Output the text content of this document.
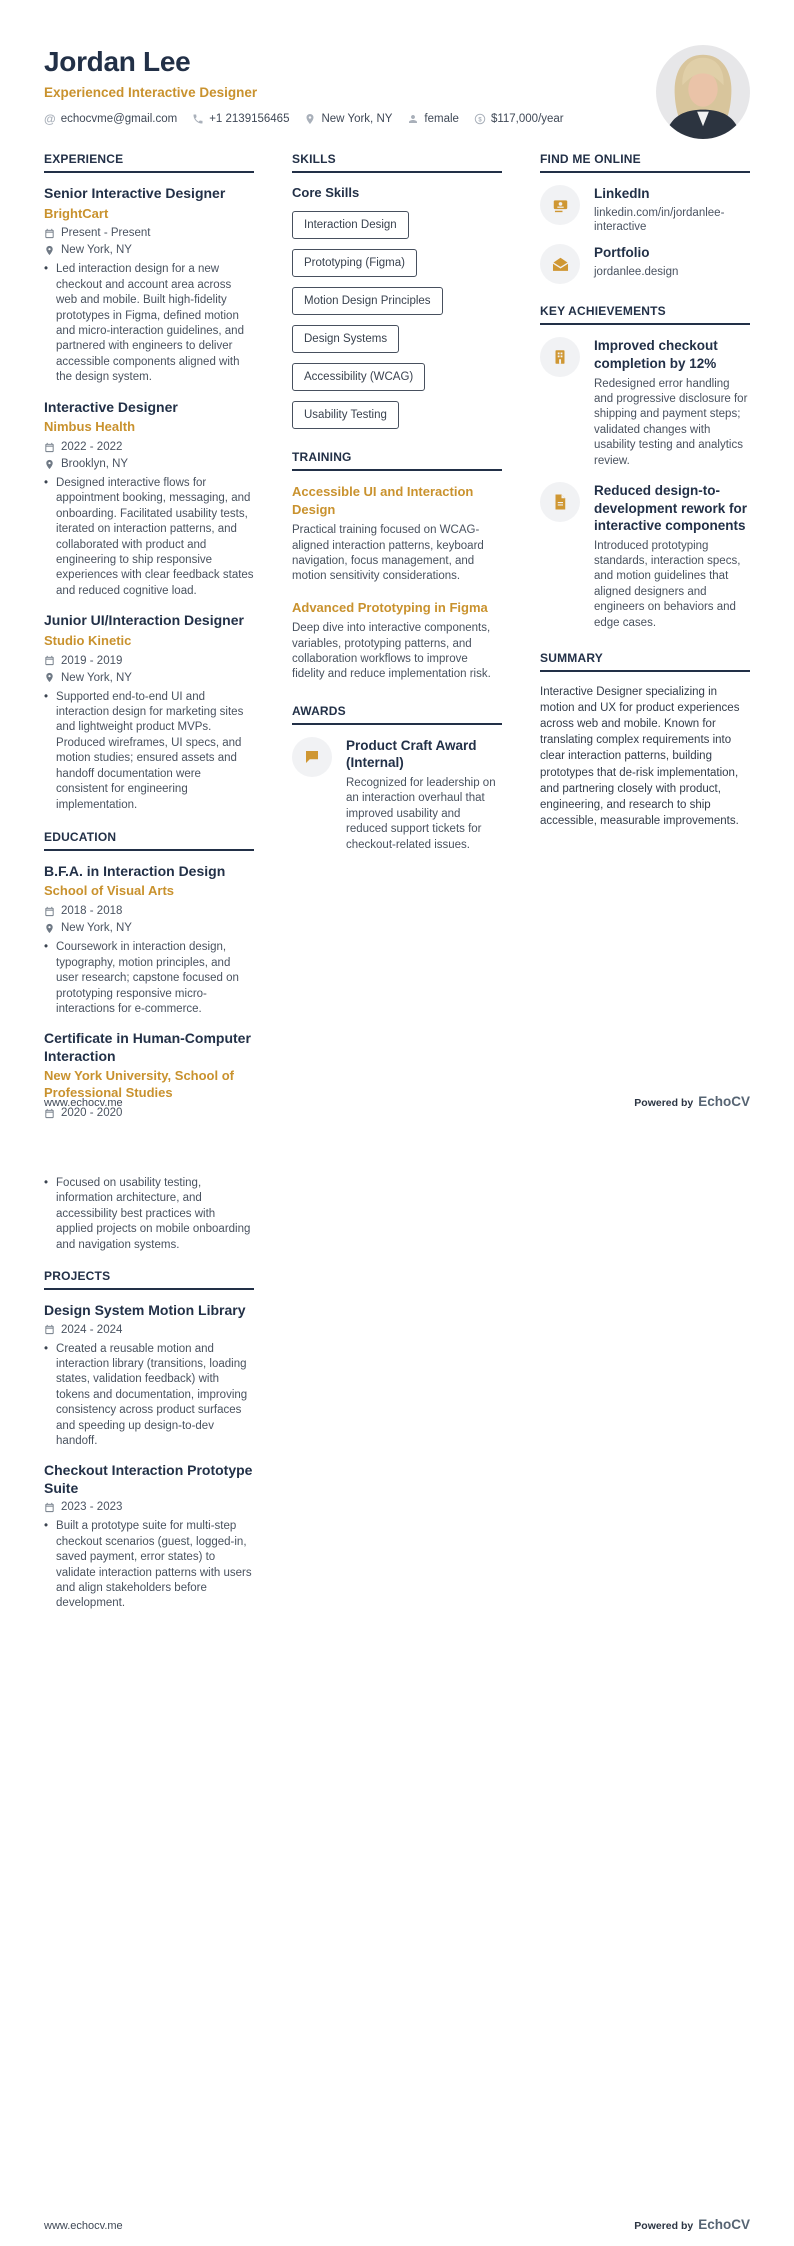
Jordan Lee
Experienced Interactive Designer
@ echocvme@gmail.com	+1 2139156465	New York, NY	female $ $117,000/year
EXPERIENCE
Senior Interactive Designer
BrightCart
Present - Present
New York, NY
• Led interaction design for a new checkout and account area across web and mobile. Built high-fidelity prototypes in Figma, defined motion and micro-interaction guidelines, and partnered with engineers to deliver accessible components aligned with the design system.

Interactive Designer
Nimbus Health
2022 - 2022
Brooklyn, NY
• Designed interactive flows for appointment booking, messaging, and onboarding. Facilitated usability tests, iterated on interaction patterns, and collaborated with product and engineering to ship responsive experiences with clear feedback states and reduced cognitive load.

Junior UI/Interaction Designer
Studio Kinetic
2019 - 2019
New York, NY
• Supported end-to-end UI and interaction design for marketing sites and lightweight product MVPs. Produced wireframes, UI specs, and motion studies; ensured assets and handoff documentation were consistent for engineering implementation.

EDUCATION
B.F.A. in Interaction Design
School of Visual Arts
2018 - 2018
New York, NY
• Coursework in interaction design, typography, motion principles, and user research; capstone focused on prototyping responsive micro-interactions for e-commerce.

Certificate in Human-Computer Interaction
New York University, School of Professional Studies
2020 - 2020
SKILLS
Core Skills
Interaction Design
Prototyping (Figma)
Motion Design Principles
Design Systems
Accessibility (WCAG)
Usability Testing
TRAINING
Accessible UI and Interaction Design

Practical training focused on WCAG-aligned interaction patterns, keyboard navigation, focus management, and motion sensitivity considerations.

Advanced Prototyping in Figma

Deep dive into interactive components, variables, prototyping patterns, and collaboration workflows to improve fidelity and reduce implementation risk.

AWARDS
Product Craft Award (Internal)

Recognized for leadership on an interaction overhaul that improved usability and reduced support tickets for checkout-related issues.

FIND ME ONLINE
LinkedIn
linkedin.com/in/jordanlee-interactive
Portfolio
jordanlee.design
KEY ACHIEVEMENTS
Improved checkout completion by 12%

Redesigned error handling and progressive disclosure for shipping and payment steps; validated changes with usability testing and analytics review.

Reduced design-to-development rework for interactive components

Introduced prototyping standards, interaction specs, and motion guidelines that aligned designers and engineers on behaviors and edge cases.

SUMMARY

Interactive Designer specializing in motion and UX for product experiences across web and mobile. Known for translating complex requirements into clear interaction patterns, building prototypes that de-risk implementation, and partnering closely with product, engineering, and research to ship accessible, measurable improvements.

www.echocv.me	Powered by EchoCV
• Focused on usability testing, information architecture, and accessibility best practices with applied projects on mobile onboarding and navigation systems.

PROJECTS
Design System Motion Library
2024 - 2024
• Created a reusable motion and interaction library (transitions, loading states, validation feedback) with tokens and documentation, improving consistency across product surfaces and speeding up design-to-dev handoff.

Checkout Interaction Prototype Suite
2023 - 2023
• Built a prototype suite for multi-step checkout scenarios (guest, logged-in, saved payment, error states) to validate interaction patterns with users and align stakeholders before development.

www.echocv.me	Powered by EchoCV
